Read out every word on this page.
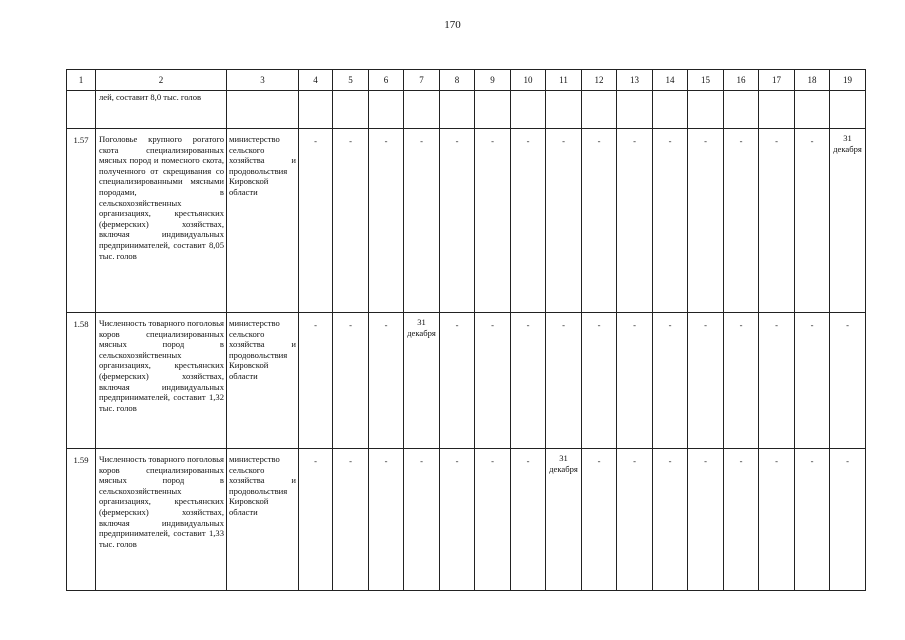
170
1	2	3	4	5	6	7	8	9	10	11	12	13	14	15	16	17	18	19
	лей, составит 8,0 тыс. голов																	
1.57	Поголовье крупного рогатого скота специализированных мясных пород и помесного скота, полученного от скрещивания со специализированными мясными породами, в сельскохозяйственных организациях, крестьянских (фермерских) хозяйствах, включая индивидуальных предпринимателей, составит 8,05 тыс. голов	министерство сельского хозяйства и продовольствия Кировской области	-	-	-	-	-	-	-	-	-	-	-	-	-	-	-	31 декабря
1.58	Численность товарного поголовья коров специализированных мясных пород в сельскохозяйственных организациях, крестьянских (фермерских) хозяйствах, включая индивидуальных предпринимателей, составит 1,32 тыс. голов	министерство сельского хозяйства и продовольствия Кировской области	-	-	-	31 декабря	-	-	-	-	-	-	-	-	-	-	-	-
1.59	Численность товарного поголовья коров специализированных мясных пород в сельскохозяйственных организациях, крестьянских (фермерских) хозяйствах, включая индивидуальных предпринимателей, составит 1,33 тыс. голов	министерство сельского хозяйства и продовольствия Кировской области	-	-	-	-	-	-	-	31 декабря	-	-	-	-	-	-	-	-
